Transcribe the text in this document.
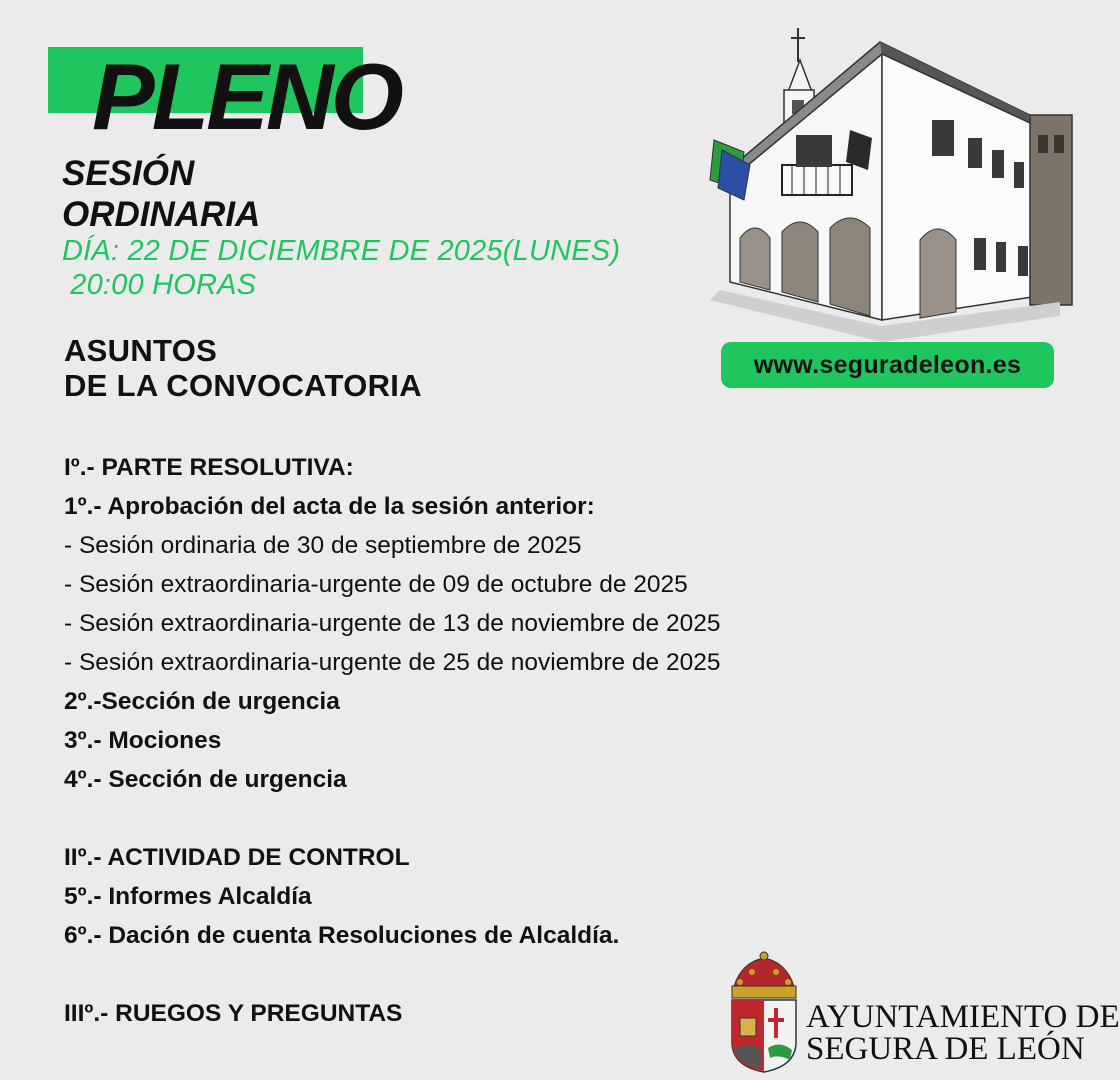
PLENO
SESIÓN
ORDINARIA
DÍA: 22 DE DICIEMBRE DE 2025(LUNES)
20:00 HORAS
ASUNTOS
DE LA CONVOCATORIA
www.seguradeleon.es
Iº.- PARTE RESOLUTIVA:
1º.- Aprobación del acta de la sesión anterior:
- Sesión ordinaria de 30 de septiembre de 2025
- Sesión extraordinaria-urgente de 09 de octubre de 2025
- Sesión extraordinaria-urgente de 13 de noviembre de 2025
- Sesión extraordinaria-urgente de 25 de noviembre de 2025
2º.-Sección de urgencia
3º.- Mociones
4º.- Sección de urgencia
IIº.- ACTIVIDAD DE CONTROL
5º.- Informes Alcaldía
6º.- Dación de cuenta Resoluciones de Alcaldía.
IIIº.- RUEGOS Y PREGUNTAS	AYUNTAMIENTO DE
SEGURA DE LEÓN
